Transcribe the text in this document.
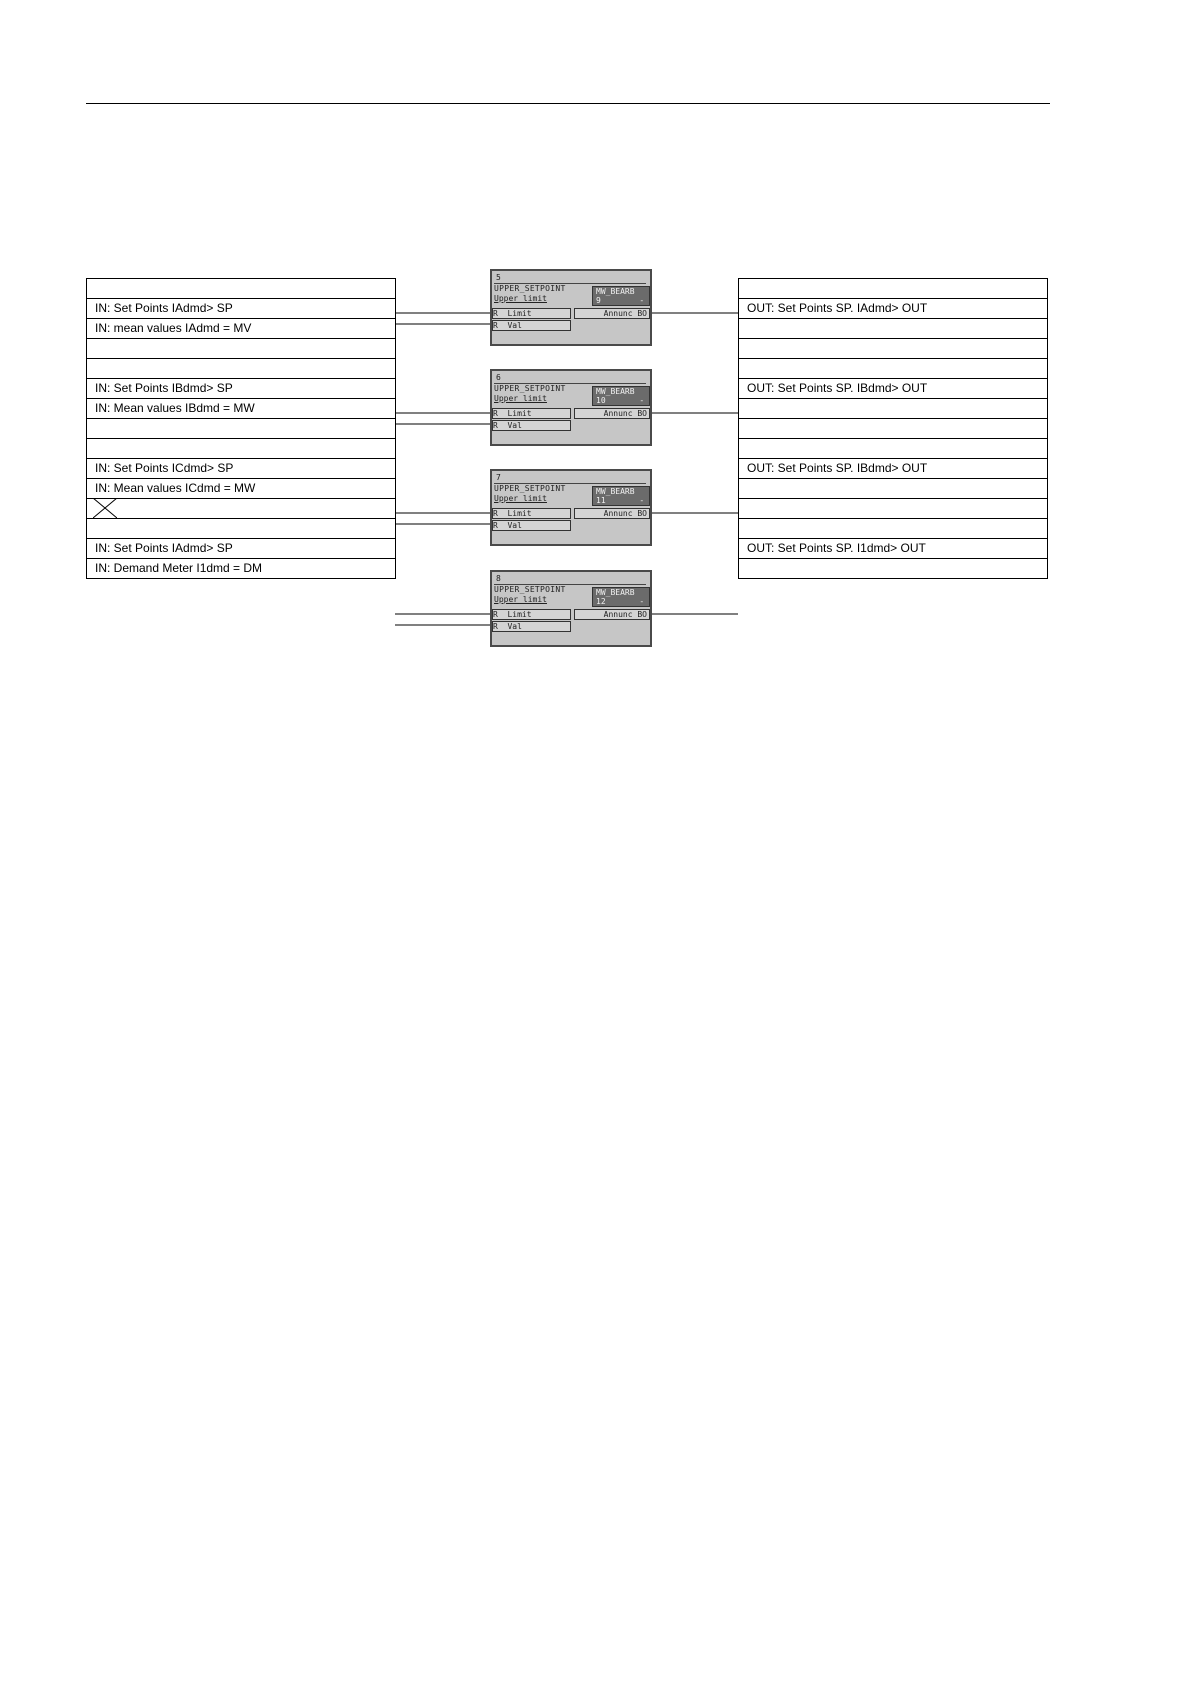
IN: Set Points IAdmd> SP
IN: mean values IAdmd = MV
IN: Set Points IBdmd> SP
IN: Mean values IBdmd = MW
IN: Set Points ICdmd> SP
IN: Mean values ICdmd = MW
IN: Set Points IAdmd> SP
IN: Demand Meter I1dmd = DM
OUT: Set Points SP. IAdmd> OUT
OUT: Set Points SP. IBdmd> OUT
OUT: Set Points SP. IBdmd> OUT
OUT: Set Points SP. I1dmd> OUT
5
UPPER_SETPOINT
Upper limit
MW_BEARB
9	-
R  Limit
R  Val
Annunc BO
6
UPPER_SETPOINT
Upper limit
MW_BEARB
10	-
R  Limit
R  Val
Annunc BO
7
UPPER_SETPOINT
Upper limit
MW_BEARB
11	-
R  Limit
R  Val
Annunc BO
8
UPPER_SETPOINT
Upper limit
MW_BEARB
12	-
R  Limit
R  Val
Annunc BO
